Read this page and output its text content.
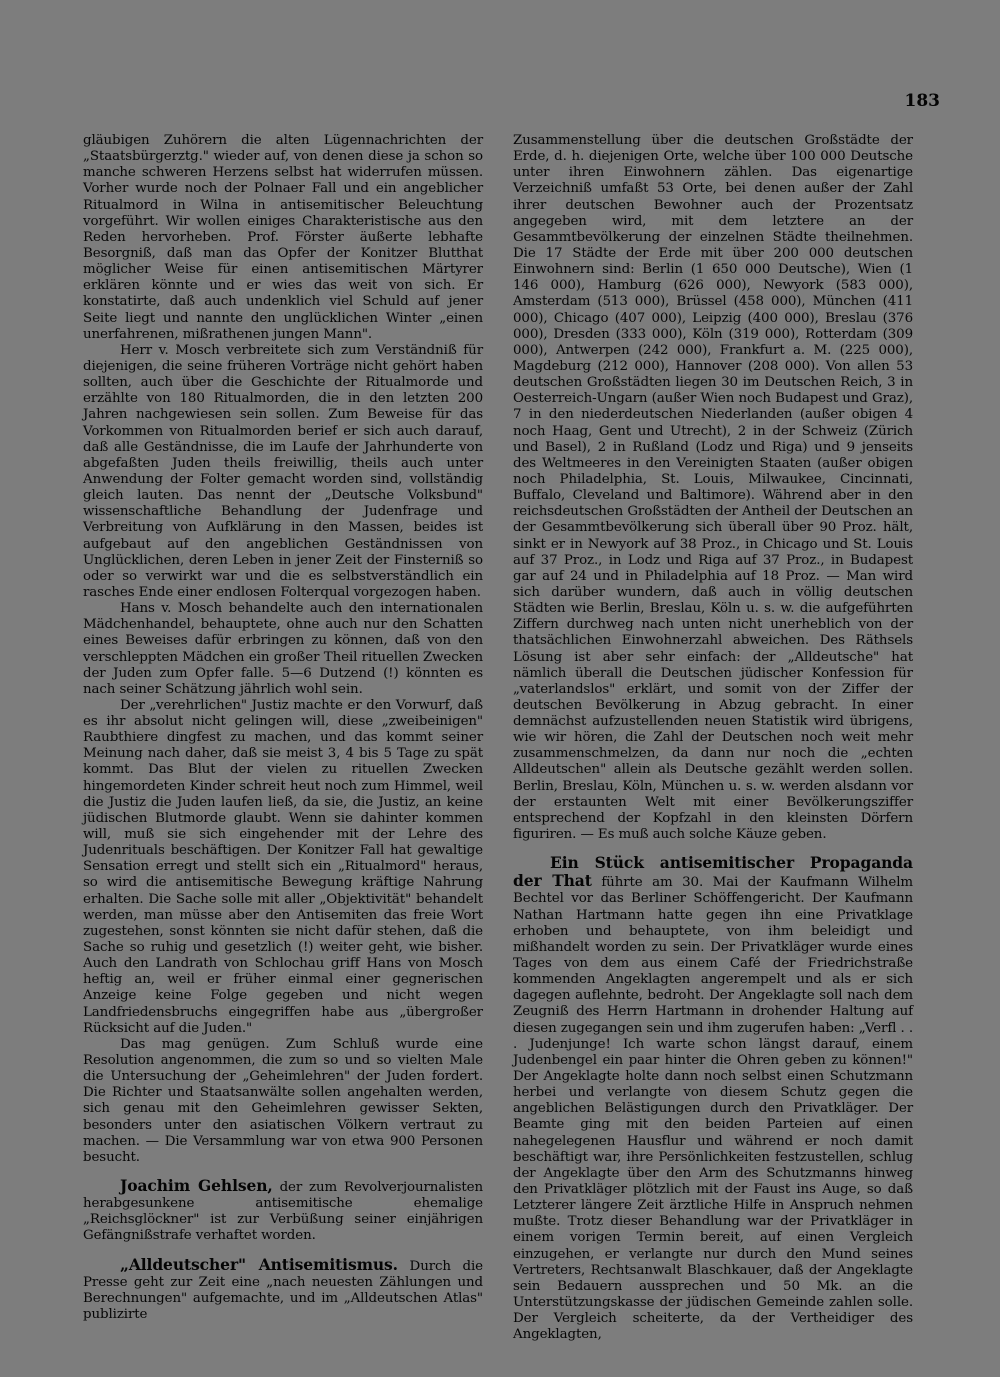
183

gläubigen Zuhörern die alten Lügennachrichten der „Staatsbürgerztg." wieder auf, von denen diese ja schon so manche schweren Herzens selbst hat widerrufen müssen. Vorher wurde noch der Polnaer Fall und ein angeblicher Ritualmord in Wilna in antisemitischer Beleuchtung vorgeführt. Wir wollen einiges Charakteristische aus den Reden hervorheben. Prof. Förster äußerte lebhafte Besorgniß, daß man das Opfer der Konitzer Blutthat möglicher Weise für einen antisemitischen Märtyrer erklären könnte und er wies das weit von sich. Er konstatirte, daß auch undenklich viel Schuld auf jener Seite liegt und nannte den unglücklichen Winter „einen unerfahrenen, mißrathenen jungen Mann".

Herr v. Mosch verbreitete sich zum Verständniß für diejenigen, die seine früheren Vorträge nicht gehört haben sollten, auch über die Geschichte der Ritualmorde und erzählte von 180 Ritualmorden, die in den letzten 200 Jahren nachgewiesen sein sollen. Zum Beweise für das Vorkommen von Ritualmorden berief er sich auch darauf, daß alle Geständnisse, die im Laufe der Jahrhunderte von abgefaßten Juden theils freiwillig, theils auch unter Anwendung der Folter gemacht worden sind, vollständig gleich lauten. Das nennt der „Deutsche Volksbund" wissenschaftliche Behandlung der Judenfrage und Verbreitung von Aufklärung in den Massen, beides ist aufgebaut auf den angeblichen Geständnissen von Unglücklichen, deren Leben in jener Zeit der Finsterniß so oder so verwirkt war und die es selbstverständlich ein rasches Ende einer endlosen Folterqual vorgezogen haben.

Hans v. Mosch behandelte auch den internationalen Mädchenhandel, behauptete, ohne auch nur den Schatten eines Beweises dafür erbringen zu können, daß von den verschleppten Mädchen ein großer Theil rituellen Zwecken der Juden zum Opfer falle. 5—6 Dutzend (!) könnten es nach seiner Schätzung jährlich wohl sein.

Der „verehrlichen" Justiz machte er den Vorwurf, daß es ihr absolut nicht gelingen will, diese „zweibeinigen" Raubthiere dingfest zu machen, und das kommt seiner Meinung nach daher, daß sie meist 3, 4 bis 5 Tage zu spät kommt. Das Blut der vielen zu rituellen Zwecken hingemordeten Kinder schreit heut noch zum Himmel, weil die Justiz die Juden laufen ließ, da sie, die Justiz, an keine jüdischen Blutmorde glaubt. Wenn sie dahinter kommen will, muß sie sich eingehender mit der Lehre des Judenrituals beschäftigen. Der Konitzer Fall hat gewaltige Sensation erregt und stellt sich ein „Ritualmord" heraus, so wird die antisemitische Bewegung kräftige Nahrung erhalten. Die Sache solle mit aller „Objektivität" behandelt werden, man müsse aber den Antisemiten das freie Wort zugestehen, sonst könnten sie nicht dafür stehen, daß die Sache so ruhig und gesetzlich (!) weiter geht, wie bisher. Auch den Landrath von Schlochau griff Hans von Mosch heftig an, weil er früher einmal einer gegnerischen Anzeige keine Folge gegeben und nicht wegen Landfriedensbruchs eingegriffen habe aus „übergroßer Rücksicht auf die Juden."

Das mag genügen. Zum Schluß wurde eine Resolution angenommen, die zum so und so vielten Male die Untersuchung der „Geheimlehren" der Juden fordert. Die Richter und Staatsanwälte sollen angehalten werden, sich genau mit den Geheimlehren gewisser Sekten, besonders unter den asiatischen Völkern vertraut zu machen. — Die Versammlung war von etwa 900 Personen besucht.

Joachim Gehlsen, der zum Revolverjournalisten herabgesunkene antisemitische ehemalige „Reichsglöckner" ist zur Verbüßung seiner einjährigen Gefängnißstrafe verhaftet worden.

„Alldeutscher" Antisemitismus. Durch die Presse geht zur Zeit eine „nach neuesten Zählungen und Berechnungen" aufgemachte, und im „Alldeutschen Atlas" publizirte

Zusammenstellung über die deutschen Großstädte der Erde, d. h. diejenigen Orte, welche über 100 000 Deutsche unter ihren Einwohnern zählen. Das eigenartige Verzeichniß umfaßt 53 Orte, bei denen außer der Zahl ihrer deutschen Bewohner auch der Prozentsatz angegeben wird, mit dem letztere an der Gesammtbevölkerung der einzelnen Städte theilnehmen. Die 17 Städte der Erde mit über 200 000 deutschen Einwohnern sind: Berlin (1 650 000 Deutsche), Wien (1 146 000), Hamburg (626 000), Newyork (583 000), Amsterdam (513 000), Brüssel (458 000), München (411 000), Chicago (407 000), Leipzig (400 000), Breslau (376 000), Dresden (333 000), Köln (319 000), Rotterdam (309 000), Antwerpen (242 000), Frankfurt a. M. (225 000), Magdeburg (212 000), Hannover (208 000). Von allen 53 deutschen Großstädten liegen 30 im Deutschen Reich, 3 in Oesterreich-Ungarn (außer Wien noch Budapest und Graz), 7 in den niederdeutschen Niederlanden (außer obigen 4 noch Haag, Gent und Utrecht), 2 in der Schweiz (Zürich und Basel), 2 in Rußland (Lodz und Riga) und 9 jenseits des Weltmeeres in den Vereinigten Staaten (außer obigen noch Philadelphia, St. Louis, Milwaukee, Cincinnati, Buffalo, Cleveland und Baltimore). Während aber in den reichsdeutschen Großstädten der Antheil der Deutschen an der Gesammtbevölkerung sich überall über 90 Proz. hält, sinkt er in Newyork auf 38 Proz., in Chicago und St. Louis auf 37 Proz., in Lodz und Riga auf 37 Proz., in Budapest gar auf 24 und in Philadelphia auf 18 Proz. — Man wird sich darüber wundern, daß auch in völlig deutschen Städten wie Berlin, Breslau, Köln u. s. w. die aufgeführten Ziffern durchweg nach unten nicht unerheblich von der thatsächlichen Einwohnerzahl abweichen. Des Räthsels Lösung ist aber sehr einfach: der „Alldeutsche" hat nämlich überall die Deutschen jüdischer Konfession für „vaterlandslos" erklärt, und somit von der Ziffer der deutschen Bevölkerung in Abzug gebracht. In einer demnächst aufzustellenden neuen Statistik wird übrigens, wie wir hören, die Zahl der Deutschen noch weit mehr zusammenschmelzen, da dann nur noch die „echten Alldeutschen" allein als Deutsche gezählt werden sollen. Berlin, Breslau, Köln, München u. s. w. werden alsdann vor der erstaunten Welt mit einer Bevölkerungsziffer entsprechend der Kopfzahl in den kleinsten Dörfern figuriren. — Es muß auch solche Käuze geben.

Ein Stück antisemitischer Propaganda der That führte am 30. Mai der Kaufmann Wilhelm Bechtel vor das Berliner Schöffengericht. Der Kaufmann Nathan Hartmann hatte gegen ihn eine Privatklage erhoben und behauptete, von ihm beleidigt und mißhandelt worden zu sein. Der Privatkläger wurde eines Tages von dem aus einem Café der Friedrichstraße kommenden Angeklagten angerempelt und als er sich dagegen auflehnte, bedroht. Der Angeklagte soll nach dem Zeugniß des Herrn Hartmann in drohender Haltung auf diesen zugegangen sein und ihm zugerufen haben: „Verfl . . . Judenjunge! Ich warte schon längst darauf, einem Judenbengel ein paar hinter die Ohren geben zu können!" Der Angeklagte holte dann noch selbst einen Schutzmann herbei und verlangte von diesem Schutz gegen die angeblichen Belästigungen durch den Privatkläger. Der Beamte ging mit den beiden Parteien auf einen nahegelegenen Hausflur und während er noch damit beschäftigt war, ihre Persönlichkeiten festzustellen, schlug der Angeklagte über den Arm des Schutzmanns hinweg den Privatkläger plötzlich mit der Faust ins Auge, so daß Letzterer längere Zeit ärztliche Hilfe in Anspruch nehmen mußte. Trotz dieser Behandlung war der Privatkläger in einem vorigen Termin bereit, auf einen Vergleich einzugehen, er verlangte nur durch den Mund seines Vertreters, Rechtsanwalt Blaschkauer, daß der Angeklagte sein Bedauern aussprechen und 50 Mk. an die Unterstützungskasse der jüdischen Gemeinde zahlen solle. Der Vergleich scheiterte, da der Vertheidiger des Angeklagten,
